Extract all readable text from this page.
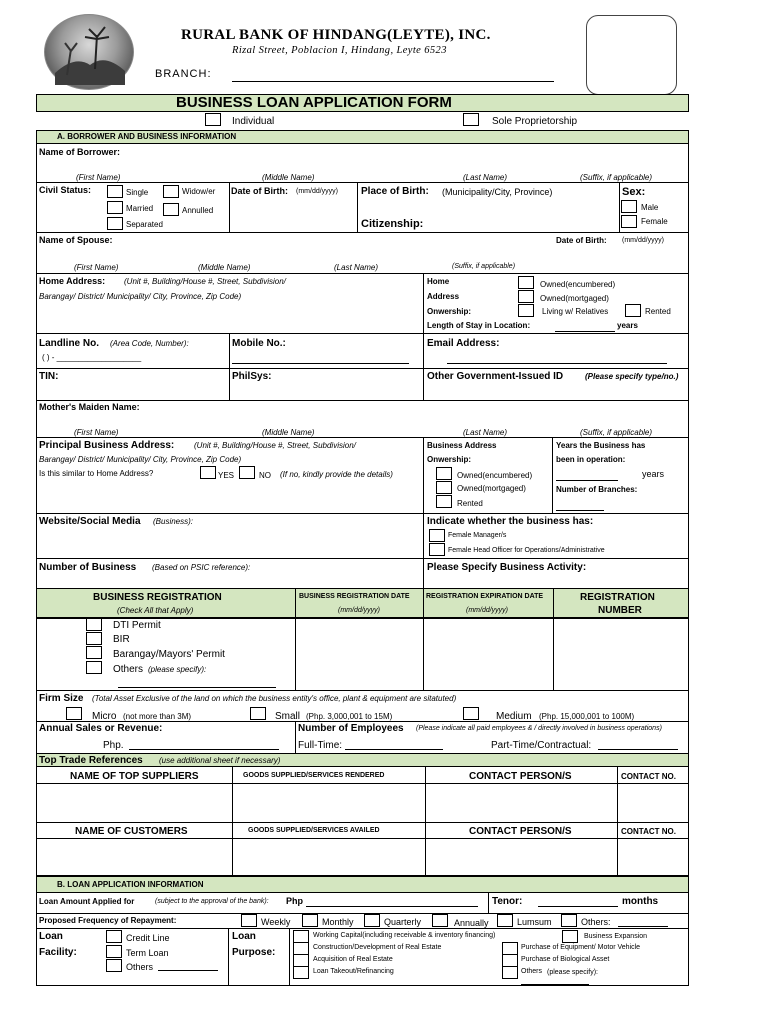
RURAL BANK OF HINDANG(LEYTE), INC.
Rizal Street, Poblacion I, Hindang, Leyte 6523
BRANCH:
BUSINESS LOAN APPLICATION FORM
Individual	Sole Proprietorship
A. BORROWER AND BUSINESS INFORMATION
Name of Borrower:
(First Name)	(Middle Name)	(Last Name)	(Suffix, if applicable)
Civil Status:	Single	Widow/er
Married	Annulled
Separated
Date of Birth: (mm/dd/yyyy) Place of Birth: (Municipality/City, Province)
Citizenship:
Sex:
Male
Female
Name of Spouse:	Date of Birth: (mm/dd/yyyy)
(First Name)	(Middle Name)	(Last Name)	(Suffix, if applicable)
Home Address: (Unit #, Building/House #, Street, Subdivision/
Barangay/ District/ Municipality/ City, Province, Zip Code)
Home
Address
Onwership:
Owned(encumbered)
Owned(mortgaged)
Living w/ Relatives	Rented
Length of Stay in Location:	years
Landline No. (Area Code, Number):
( ) - ___________________
Mobile No.:	Email Address:
TIN:	PhilSys:	Other Government-Issued ID	(Please specify type/no.)
Mother's Maiden Name:
(First Name)	(Middle Name)	(Last Name)	(Suffix, if applicable)
Principal Business Address: (Unit #, Building/House #, Street, Subdivision/
Barangay/ District/ Municipality/ City, Province, Zip Code)
Is this similar to Home Address?	YES	NO (If no, kindly provide the details)
Business Address
Onwership:
Owned(encumbered)
Owned(mortgaged)
Rented
Years the Business has
been in operation:
years
Number of Branches:
Website/Social Media (Business):	Indicate whether the business has:
Female Manager/s
Female Head Officer for Operations/Administrative
Number of Business (Based on PSIC reference):	Please Specify Business Activity:
BUSINESS REGISTRATION
(Check All that Apply)
BUSINESS REGISTRATION DATE
(mm/dd/yyyy)
REGISTRATION EXPIRATION DATE
(mm/dd/yyyy)
REGISTRATION
NUMBER
DTI Permit
BIR
Barangay/Mayors' Permit
Others (please specify):
Firm Size (Total Asset Exclusive of the land on which the business entity's office, plant & equipment are sitatuted)
Micro (not more than 3M)	Small (Php. 3,000,001 to 15M)	Medium (Php. 15,000,001 to 100M)
Annual Sales or Revenue:
Php.
Number of Employees (Please indicate all paid employees & / directly involved in business operations)
Full-Time:	Part-Time/Contractual:
Top Trade References (use additional sheet if necessary)
NAME OF TOP SUPPLIERS	GOODS SUPPLIED/SERVICES RENDERED	CONTACT PERSON/S	CONTACT NO.
NAME OF CUSTOMERS	GOODS SUPPLIED/SERVICES AVAILED	CONTACT PERSON/S	CONTACT NO.
B. LOAN APPLICATION INFORMATION
Loan Amount Applied for	(subject to the approval of the bank): Php	Tenor:	months
Proposed Frequency of Repayment:	Weekly	Monthly	Quarterly	Annually	Lumsum	Others:
Loan
Facility:
Credit Line
Term Loan
Others
Loan
Purpose:
Working Capital(including receivable & inventory financing)
Construction/Development of Real Estate
Acquisition of Real Estate
Loan Takeout/Refinancing
Business Expansion
Purchase of Equipment/ Motor Vehicle
Purchase of Biological Asset
Others (please specify):
